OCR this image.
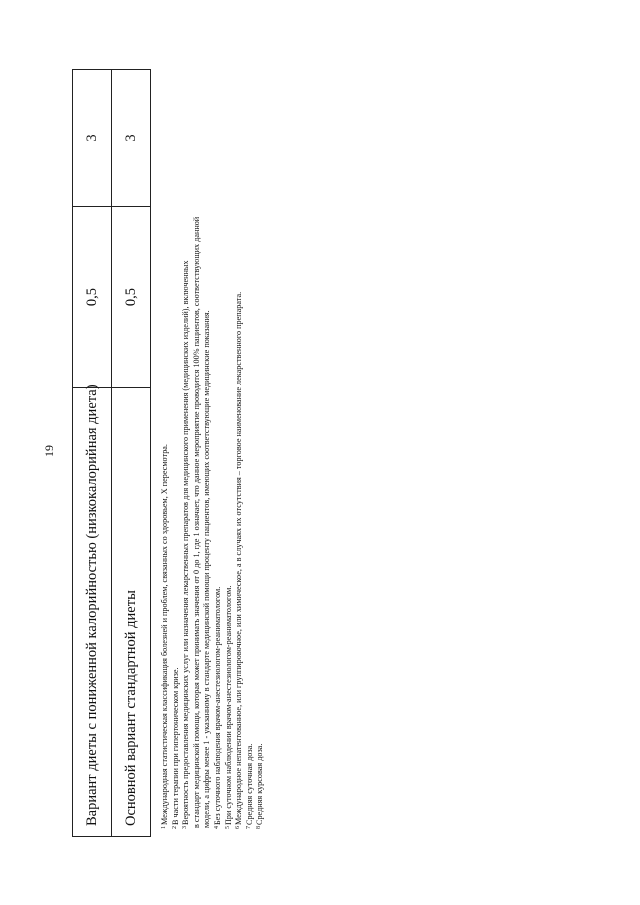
19 Вариант диеты с пониженной калорийностью (низкокалорийная диета)	0,5	3
Основной вариант стандартной диеты	0,5	3

$^1$Международная статистическая классификация болезней и проблем, связанных со здоровьем, X пересмотра.

$^2$В части терапии при гипертоническом кризе.

$^3$Вероятность предоставления медицинских услуг или назначения лекарственных препаратов для медицинского применения (медицинских изделий), включенных в стандарт медицинской помощи, которая может принимать значения от 0 до 1, где 1 означает, что данное мероприятие проводится 100% пациентов, соответствующих данной модели, а цифры менее 1 - указанному в стандарте медицинской помощи проценту пациентов, имеющих соответствующие медицинские показания. $^4$Без суточного наблюдения врачом-анестезиологом-реаниматологом.

$^5$При суточном наблюдении врачом-анестезиологом-реаниматологом.

$^6$Международное непатентованное, или группировочное, или химическое, а в случаях их отсутствия – торговое наименование лекарственного препарата.

$^7$Средняя суточная доза.

$^8$Средняя курсовая доза.
